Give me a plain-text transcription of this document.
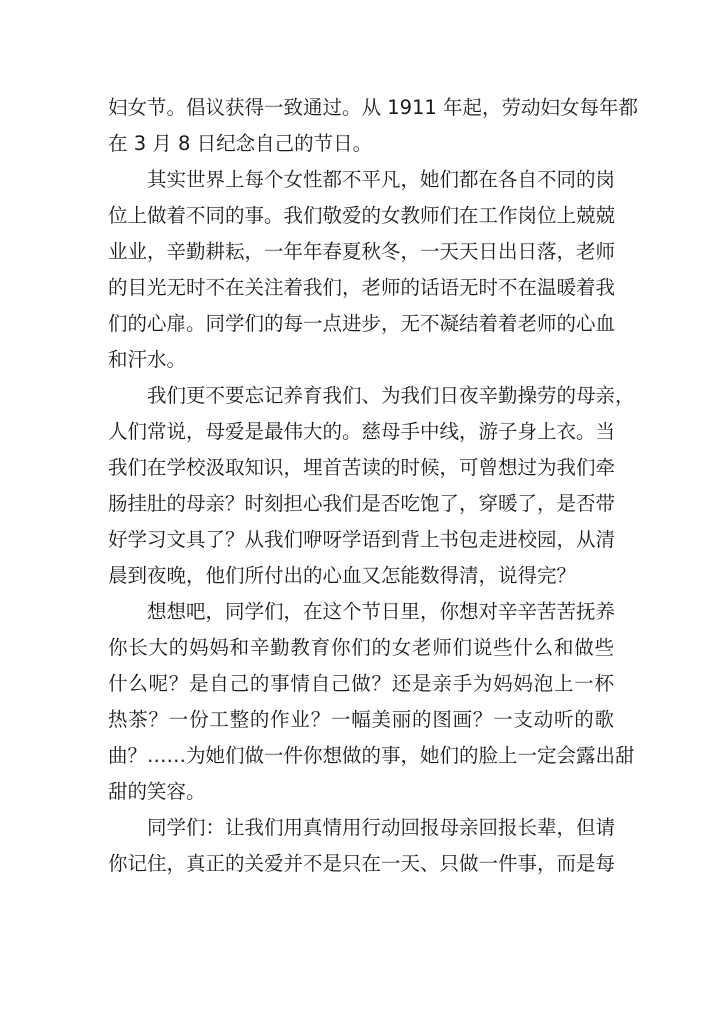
妇女节。倡议获得一致通过。从 1911 年起，劳动妇女每年都
在 3 月 8 日纪念自己的节日。
其实世界上每个女性都不平凡，她们都在各自不同的岗
位上做着不同的事。我们敬爱的女教师们在工作岗位上兢兢
业业，辛勤耕耘，一年年春夏秋冬，一天天日出日落，老师
的目光无时不在关注着我们，老师的话语无时不在温暖着我
们的心扉。同学们的每一点进步，无不凝结着着老师的心血
和汗水。
我们更不要忘记养育我们、为我们日夜辛勤操劳的母亲，
人们常说，母爱是最伟大的。慈母手中线，游子身上衣。当
我们在学校汲取知识，埋首苦读的时候，可曾想过为我们牵
肠挂肚的母亲？时刻担心我们是否吃饱了，穿暖了，是否带
好学习文具了？从我们咿呀学语到背上书包走进校园，从清
晨到夜晚，他们所付出的心血又怎能数得清，说得完？
想想吧，同学们，在这个节日里，你想对辛辛苦苦抚养
你长大的妈妈和辛勤教育你们的女老师们说些什么和做些
什么呢？是自己的事情自己做？还是亲手为妈妈泡上一杯
热茶？一份工整的作业？一幅美丽的图画？一支动听的歌
曲？……为她们做一件你想做的事，她们的脸上一定会露出甜
甜的笑容。
同学们：让我们用真情用行动回报母亲回报长辈，但请
你记住，真正的关爱并不是只在一天、只做一件事，而是每
